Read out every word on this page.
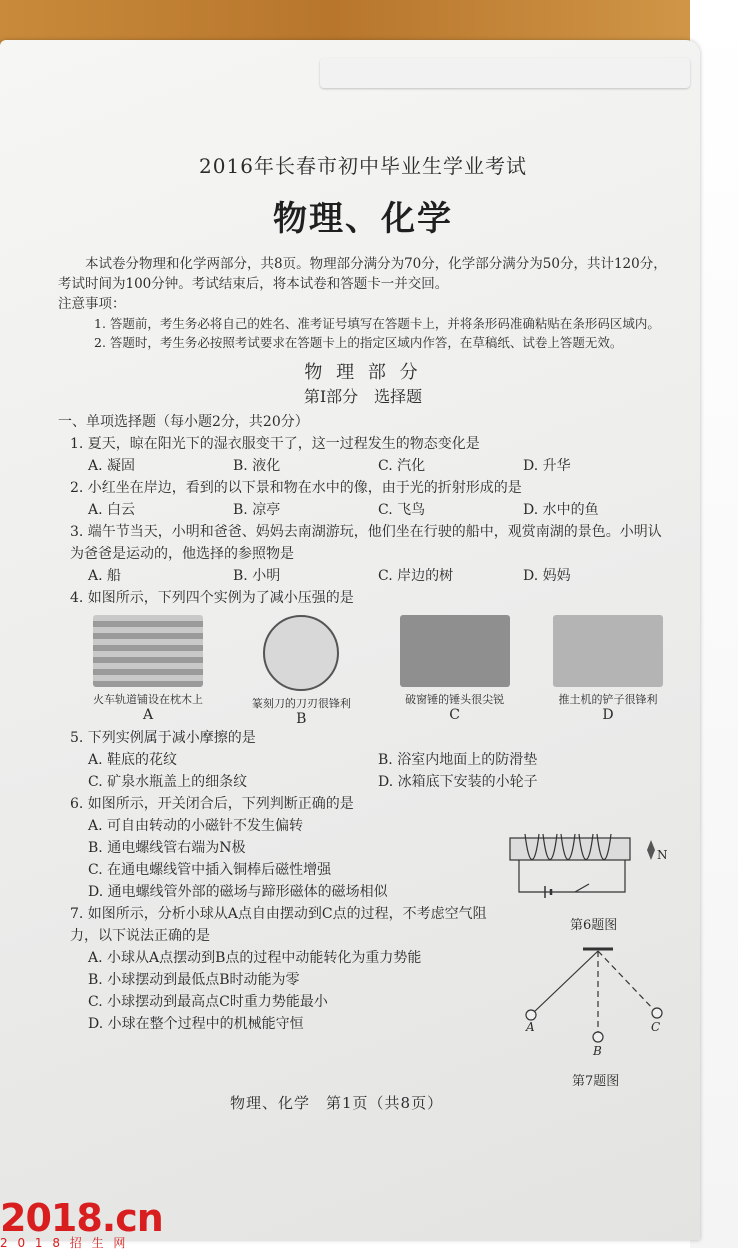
2016年长春市初中毕业生学业考试

物理、化学

本试卷分物理和化学两部分，共8页。物理部分满分为70分，化学部分满分为50分，共计120分，考试时间为100分钟。考试结束后，将本试卷和答题卡一并交回。

注意事项：

1. 答题前，考生务必将自己的姓名、准考证号填写在答题卡上，并将条形码准确粘贴在条形码区域内。

2. 答题时，考生务必按照考试要求在答题卡上的指定区域内作答，在草稿纸、试卷上答题无效。

物 理 部 分

第Ⅰ部分　选择题

一、单项选择题（每小题2分，共20分）

1. 夏天，晾在阳光下的湿衣服变干了，这一过程发生的物态变化是

A. 凝固	B. 液化	C. 汽化	D. 升华

2. 小红坐在岸边，看到的以下景和物在水中的像，由于光的折射形成的是

A. 白云	B. 凉亭	C. 飞鸟	D. 水中的鱼

3. 端午节当天，小明和爸爸、妈妈去南湖游玩，他们坐在行驶的船中，观赏南湖的景色。小明认为爸爸是运动的，他选择的参照物是

A. 船	B. 小明	C. 岸边的树	D. 妈妈

4. 如图所示，下列四个实例为了减小压强的是

火车轨道铺设在枕木上
A
篆刻刀的刀刃很锋利
B
破窗锤的锤头很尖锐
C
推土机的铲子很锋利
D

5. 下列实例属于减小摩擦的是

A. 鞋底的花纹	B. 浴室内地面上的防滑垫
C. 矿泉水瓶盖上的细条纹	D. 冰箱底下安装的小轮子

6. 如图所示，开关闭合后，下列判断正确的是

A. 可自由转动的小磁针不发生偏转

B. 通电螺线管右端为N极

C. 在通电螺线管中插入铜棒后磁性增强

D. 通电螺线管外部的磁场与蹄形磁体的磁场相似

7. 如图所示，分析小球从A点自由摆动到C点的过程，不考虑空气阻力，以下说法正确的是

A. 小球从A点摆动到B点的过程中动能转化为重力势能

B. 小球摆动到最低点B时动能为零

C. 小球摆动到最高点C时重力势能最小

D. 小球在整个过程中的机械能守恒

N
第6题图
A
B
C
第7题图
物理、化学　第1页（共8页）
2018.cn
2 0 1 8 招 生 网
